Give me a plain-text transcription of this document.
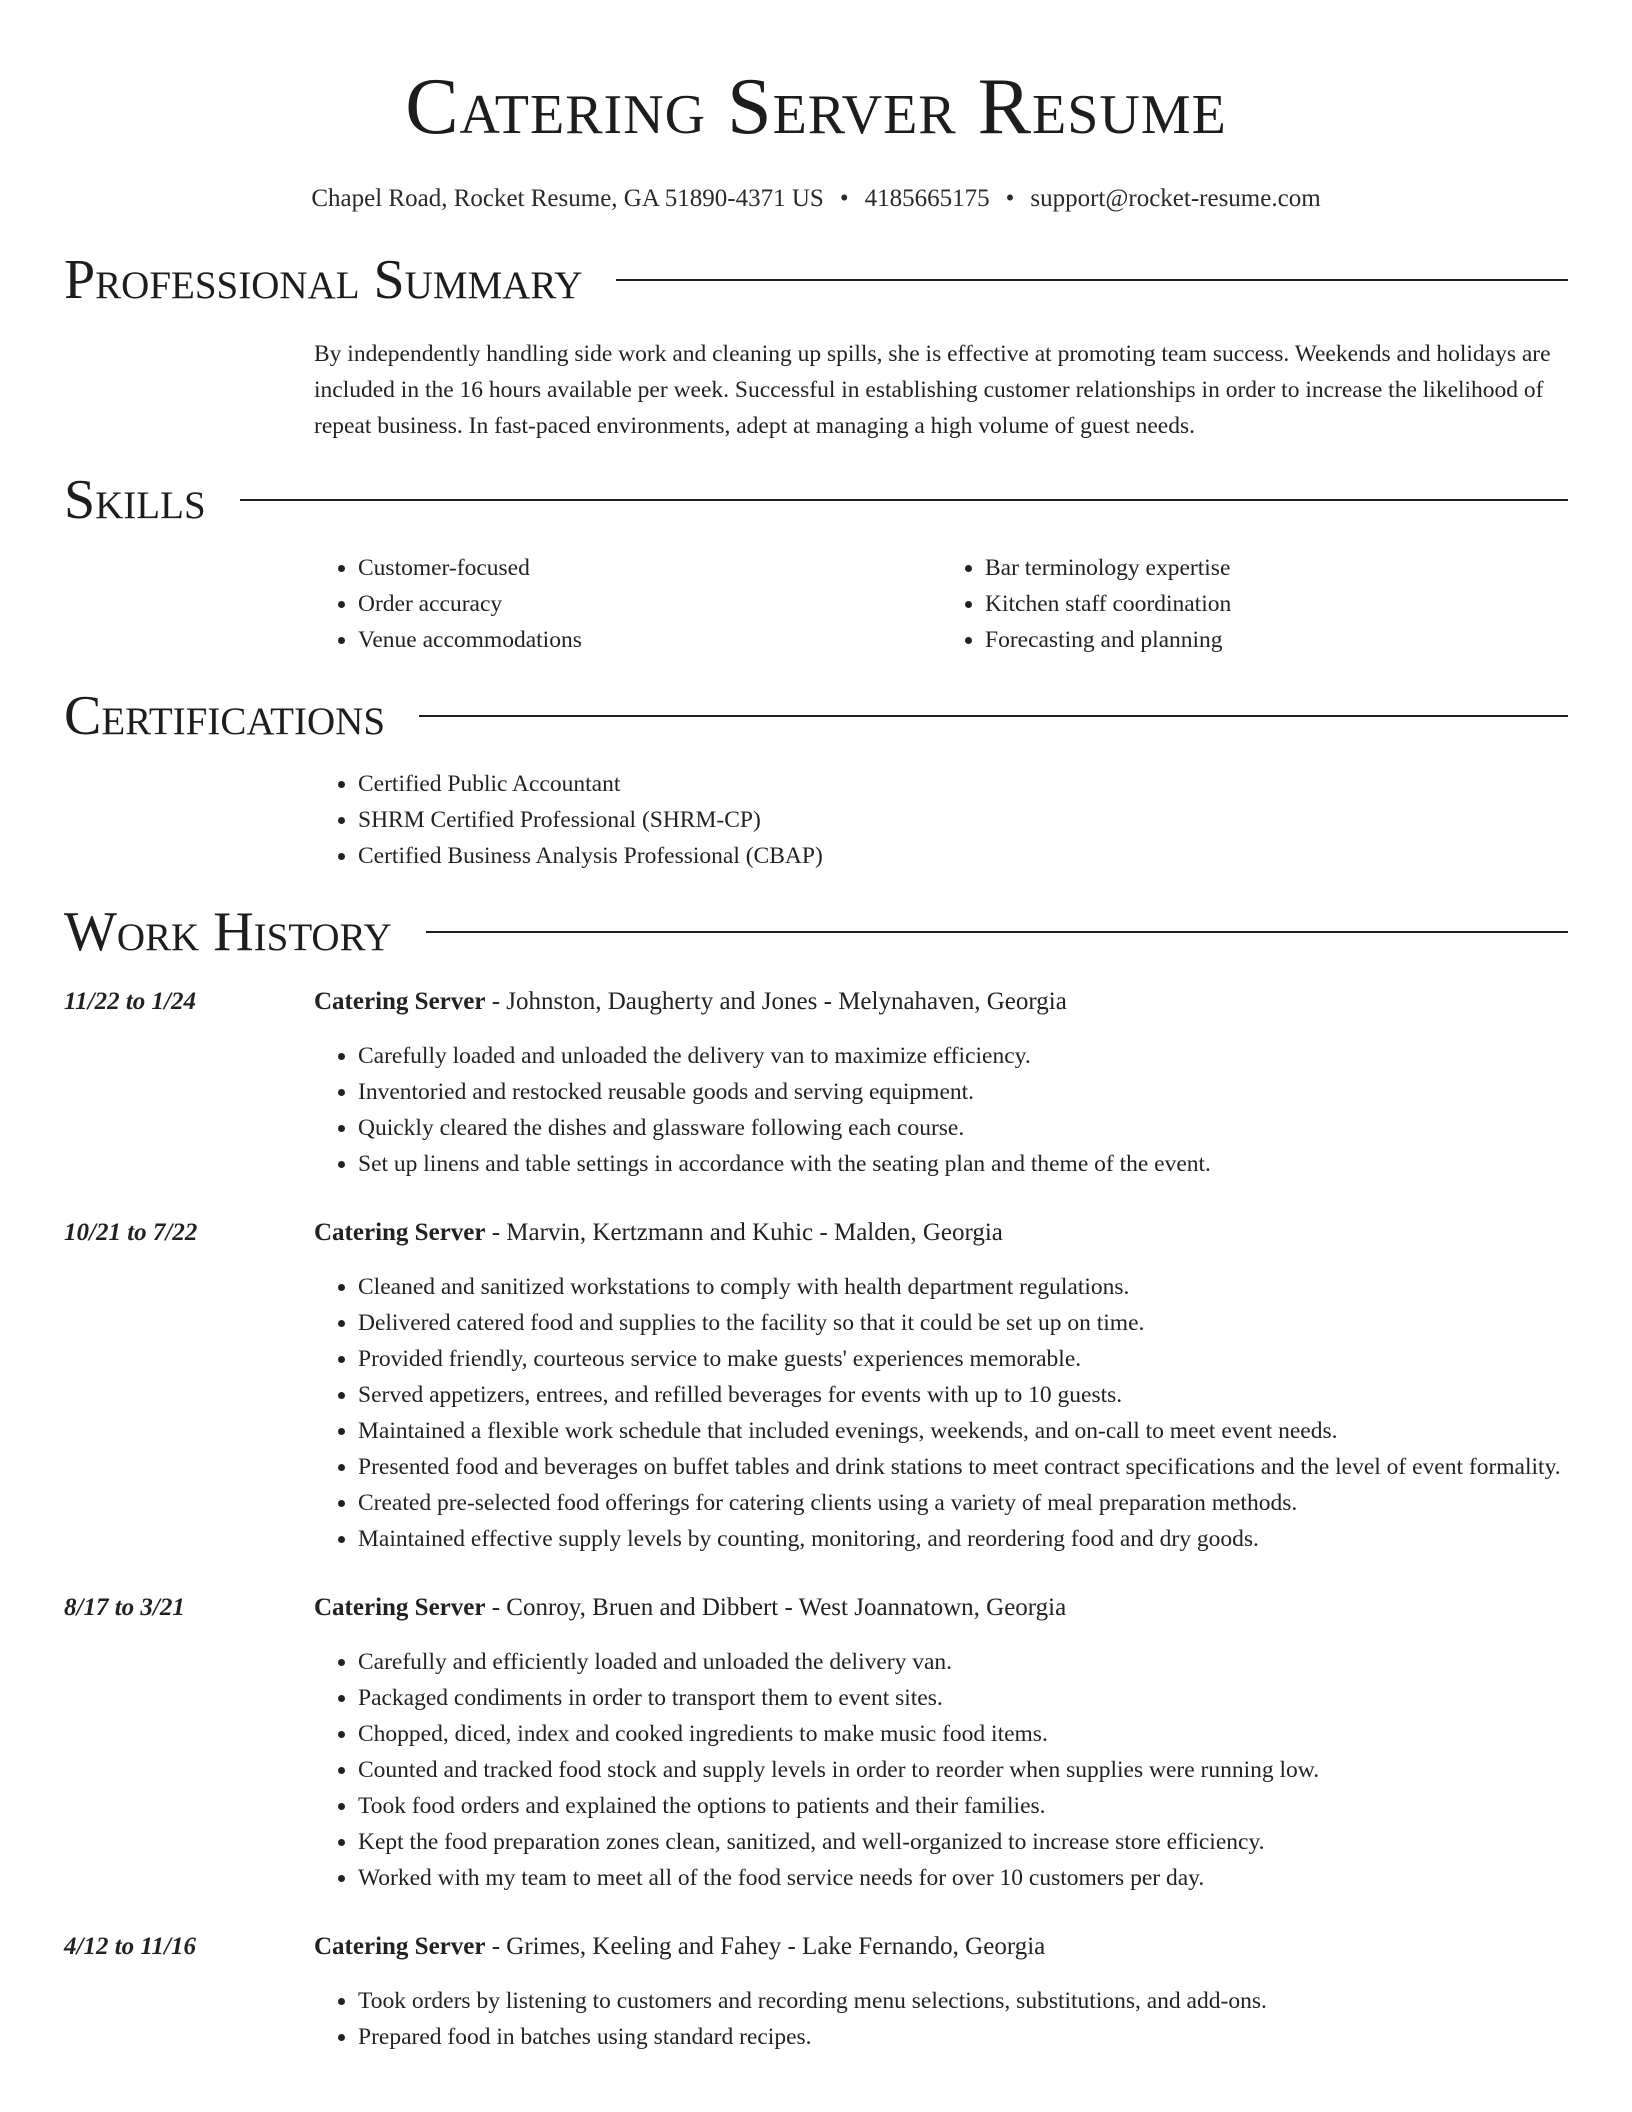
Catering Server Resume
Chapel Road, Rocket Resume, GA 51890-4371 US • 4185665175 • support@rocket-resume.com
Professional Summary

By independently handling side work and cleaning up spills, she is effective at promoting team success. Weekends and holidays are included in the 16 hours available per week. Successful in establishing customer relationships in order to increase the likelihood of repeat business. In fast-paced environments, adept at managing a high volume of guest needs.

Skills
• Customer-focused
• Order accuracy
• Venue accommodations
• Bar terminology expertise
• Kitchen staff coordination
• Forecasting and planning
Certifications
• Certified Public Accountant
• SHRM Certified Professional (SHRM-CP)
• Certified Business Analysis Professional (CBAP)
Work History
11/22 to 1/24	Catering Server - Johnston, Daugherty and Jones - Melynahaven, Georgia
• Carefully loaded and unloaded the delivery van to maximize efficiency.
• Inventoried and restocked reusable goods and serving equipment.
• Quickly cleared the dishes and glassware following each course.
• Set up linens and table settings in accordance with the seating plan and theme of the event.
10/21 to 7/22	Catering Server - Marvin, Kertzmann and Kuhic - Malden, Georgia
• Cleaned and sanitized workstations to comply with health department regulations.
• Delivered catered food and supplies to the facility so that it could be set up on time.
• Provided friendly, courteous service to make guests' experiences memorable.
• Served appetizers, entrees, and refilled beverages for events with up to 10 guests.
• Maintained a flexible work schedule that included evenings, weekends, and on-call to meet event needs.
• Presented food and beverages on buffet tables and drink stations to meet contract specifications and the level of event formality.
• Created pre-selected food offerings for catering clients using a variety of meal preparation methods.
• Maintained effective supply levels by counting, monitoring, and reordering food and dry goods.
8/17 to 3/21	Catering Server - Conroy, Bruen and Dibbert - West Joannatown, Georgia
• Carefully and efficiently loaded and unloaded the delivery van.
• Packaged condiments in order to transport them to event sites.
• Chopped, diced, index and cooked ingredients to make music food items.
• Counted and tracked food stock and supply levels in order to reorder when supplies were running low.
• Took food orders and explained the options to patients and their families.
• Kept the food preparation zones clean, sanitized, and well-organized to increase store efficiency.
• Worked with my team to meet all of the food service needs for over 10 customers per day.
4/12 to 11/16	Catering Server - Grimes, Keeling and Fahey - Lake Fernando, Georgia
• Took orders by listening to customers and recording menu selections, substitutions, and add-ons.
• Prepared food in batches using standard recipes.
